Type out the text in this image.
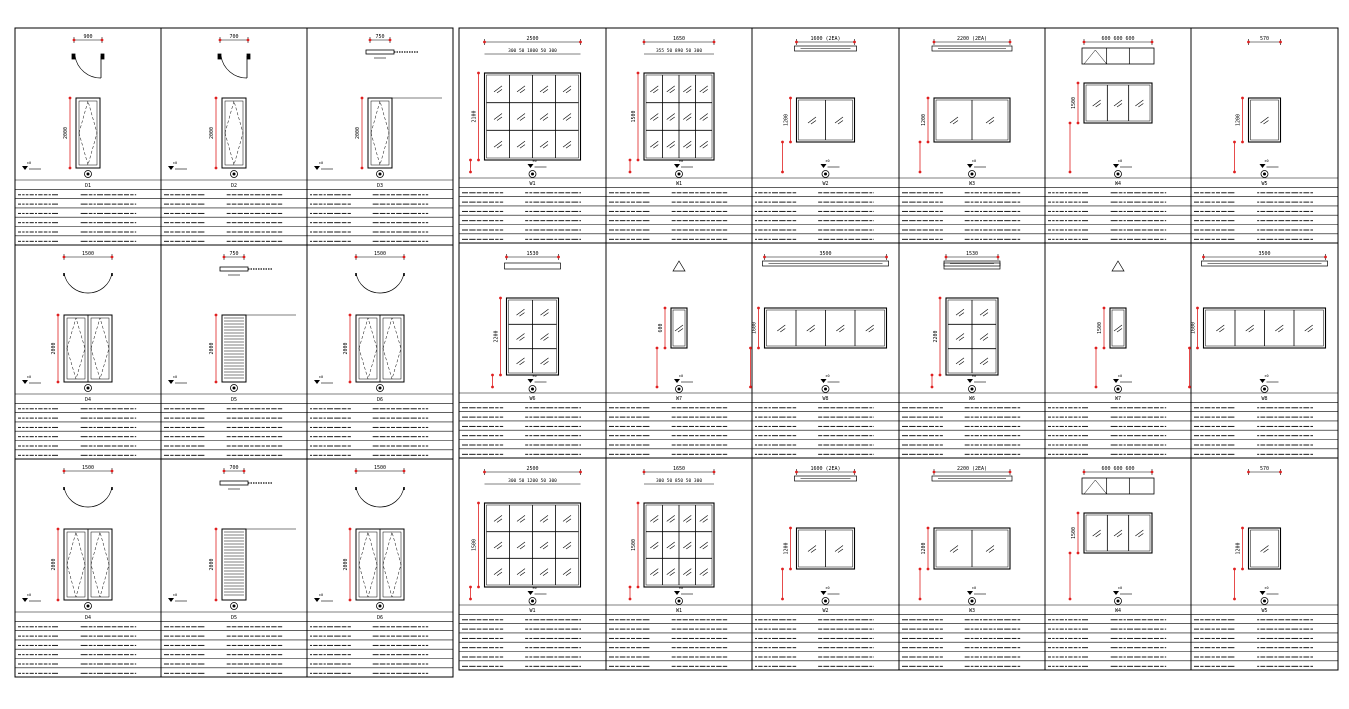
900
2000
±0
D1
700
2000
±0
D2
750
2000
±0
D3
1500
2000
±0
D4
750
2000
±0
D5
1500
2000
±0
D6
1500
2000
±0
D4
700
2000
±0
D5
1500
2000
±0
D6
2500
300 50 1800 50 300
2100
±0
W1
1650
355 50 890 50 300
1500
±0
W1
1600 (2EA)
1200
±0
W2
2200 (2EA)
1200
±0
W3
600 600 600
1500
±0
W4
570
1200
±0
W5
1530
2200
±0
W6
600
±0
W7
3500
1600
±0
W8
1530
2200
±0
W6
1500
±0
W7
3500
1600
±0
W8
2500
300 50 1200 50 300
1500
±0
W1
1650
300 50 850 50 300
1500
±0
W1
1600 (2EA)
1200
±0
W2
2200 (2EA)
1200
±0
W3
600 600 600
1500
±0
W4
570
1200
±0
W5
